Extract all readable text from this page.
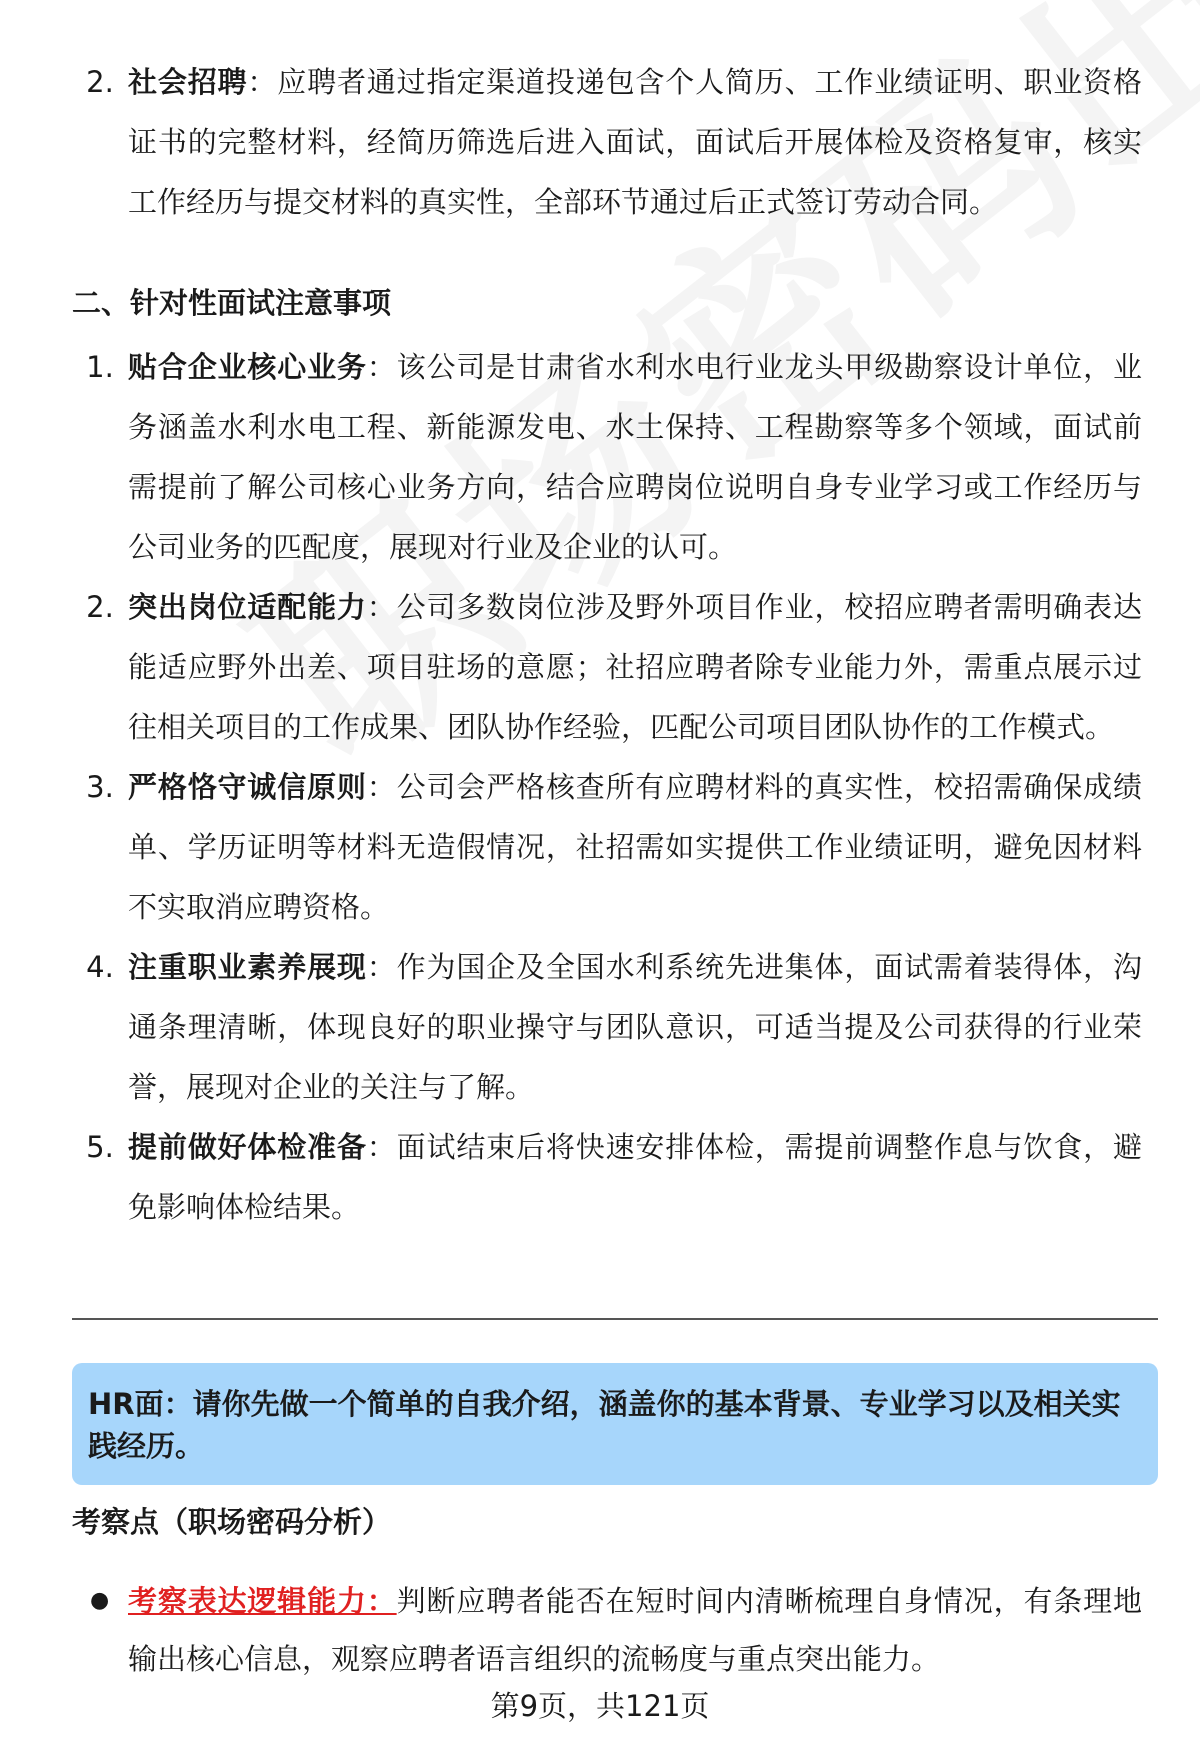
2. 社会招聘：应聘者通过指定渠道投递包含个人简历、工作业绩证明、职业资格证书的完整材料，经简历筛选后进入面试，面试后开展体检及资格复审，核实工作经历与提交材料的真实性，全部环节通过后正式签订劳动合同。
二、针对性面试注意事项
1. 贴合企业核心业务：该公司是甘肃省水利水电行业龙头甲级勘察设计单位，业务涵盖水利水电工程、新能源发电、水土保持、工程勘察等多个领域，面试前需提前了解公司核心业务方向，结合应聘岗位说明自身专业学习或工作经历与公司业务的匹配度，展现对行业及企业的认可。
2. 突出岗位适配能力：公司多数岗位涉及野外项目作业，校招应聘者需明确表达能适应野外出差、项目驻场的意愿；社招应聘者除专业能力外，需重点展示过往相关项目的工作成果、团队协作经验，匹配公司项目团队协作的工作模式。
3. 严格恪守诚信原则：公司会严格核查所有应聘材料的真实性，校招需确保成绩单、学历证明等材料无造假情况，社招需如实提供工作业绩证明，避免因材料不实取消应聘资格。
4. 注重职业素养展现：作为国企及全国水利系统先进集体，面试需着装得体，沟通条理清晰，体现良好的职业操守与团队意识，可适当提及公司获得的行业荣誉，展现对企业的关注与了解。
5. 提前做好体检准备：面试结束后将快速安排体检，需提前调整作息与饮食，避免影响体检结果。
HR面：请你先做一个简单的自我介绍，涵盖你的基本背景、专业学习以及相关实践经历。
考察点（职场密码分析）
● 考察表达逻辑能力：判断应聘者能否在短时间内清晰梳理自身情况，有条理地输出核心信息，观察应聘者语言组织的流畅度与重点突出能力。
第9页，共121页
